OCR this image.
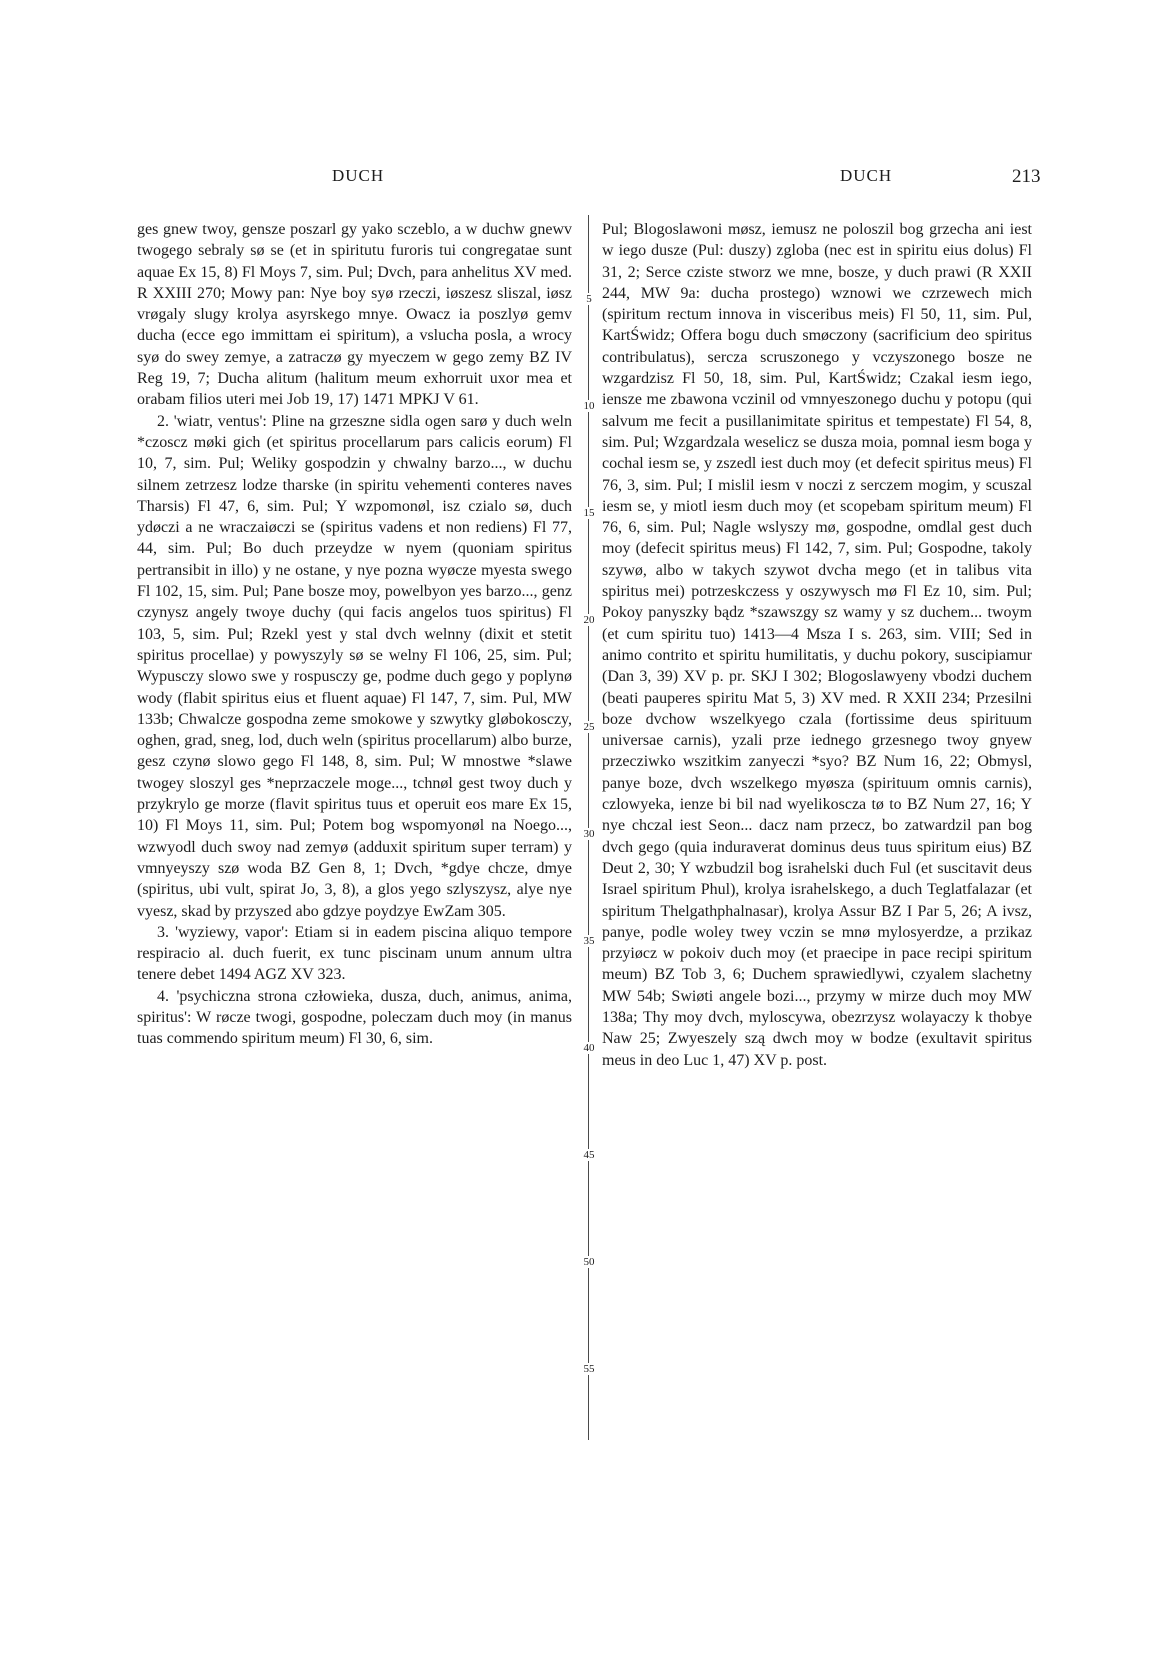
DUCH	DUCH	213

ges gnew twoy, gensze poszarl gy yako sczeblo, a w duchw gnewv twogego sebraly sø se (et in spiritutu furoris tui congregatae sunt aquae Ex 15, 8) Fl Moys 7, sim. Pul; Dvch, para anhelitus XV med. R XXIII 270; Mowy pan: Nye boy syø rzeczi, iøszesz sliszal, iøsz vrøgaly slugy krolya asyrskego mnye. Owacz ia poszlyø gemv ducha (ecce ego immittam ei spiritum), a vslucha posla, a wrocy syø do swey zemye, a zatraczø gy myeczem w gego zemy BZ IV Reg 19, 7; Ducha alitum (halitum meum exhorruit uxor mea et orabam filios uteri mei Job 19, 17) 1471 MPKJ V 61.

2. 'wiatr, ventus': Pline na grzeszne sidla ogen sarø y duch weln *czoscz møki gich (et spiritus procellarum pars calicis eorum) Fl 10, 7, sim. Pul; Weliky gospodzin y chwalny barzo..., w duchu silnem zetrzesz lodze tharske (in spiritu vehementi conteres naves Tharsis) Fl 47, 6, sim. Pul; Y wzpomonøl, isz czialo sø, duch ydøczi a ne wraczaiøczi se (spiritus vadens et non rediens) Fl 77, 44, sim. Pul; Bo duch przeydze w nyem (quoniam spiritus pertransibit in illo) y ne ostane, y nye pozna wyøcze myesta swego Fl 102, 15, sim. Pul; Pane bosze moy, powelbyon yes barzo..., genz czynysz angely twoye duchy (qui facis angelos tuos spiritus) Fl 103, 5, sim. Pul; Rzekl yest y stal dvch welnny (dixit et stetit spiritus procellae) y powyszyly sø se welny Fl 106, 25, sim. Pul; Wypusczy slowo swe y rospusczy ge, podme duch gego y poplynø wody (flabit spiritus eius et fluent aquae) Fl 147, 7, sim. Pul, MW 133b; Chwalcze gospodna zeme smokowe y szwytky gløbokosczy, oghen, grad, sneg, lod, duch weln (spiritus procellarum) albo burze, gesz czynø slowo gego Fl 148, 8, sim. Pul; W mnostwe *slawe twogey sloszyl ges *neprzaczele moge..., tchnøl gest twoy duch y przykrylo ge morze (flavit spiritus tuus et operuit eos mare Ex 15, 10) Fl Moys 11, sim. Pul; Potem bog wspomyonøl na Noego..., wzwyodl duch swoy nad zemyø (adduxit spiritum super terram) y vmnyeyszy szø woda BZ Gen 8, 1; Dvch, *gdye chcze, dmye (spiritus, ubi vult, spirat Jo, 3, 8), a glos yego szlyszysz, alye nye vyesz, skad by przyszed abo gdzye poydzye EwZam 305.

3. 'wyziewy, vapor': Etiam si in eadem piscina aliquo tempore respiracio al. duch fuerit, ex tunc piscinam unum annum ultra tenere debet 1494 AGZ XV 323.

4. 'psychiczna strona człowieka, dusza, duch, animus, anima, spiritus': W røcze twogi, gospodne, poleczam duch moy (in manus tuas commendo spiritum meum) Fl 30, 6, sim.

5
10
15
20
25
30
35
40
45
50
55

Pul; Blogoslawoni møsz, iemusz ne poloszil bog grzecha ani iest w iego dusze (Pul: duszy) zgloba (nec est in spiritu eius dolus) Fl 31, 2; Serce cziste stworz we mne, bosze, y duch prawi (R XXII 244, MW 9a: ducha prostego) wznowi we czrzewech mich (spiritum rectum innova in visceribus meis) Fl 50, 11, sim. Pul, KartŚwidz; Offera bogu duch smøczony (sacrificium deo spiritus contribulatus), sercza scruszonego y vczyszonego bosze ne wzgardzisz Fl 50, 18, sim. Pul, KartŚwidz; Czakal iesm iego, iensze me zbawona vczinil od vmnyeszonego duchu y potopu (qui salvum me fecit a pusillanimitate spiritus et tempestate) Fl 54, 8, sim. Pul; Wzgardzala weselicz se dusza moia, pomnal iesm boga y cochal iesm se, y zszedl iest duch moy (et defecit spiritus meus) Fl 76, 3, sim. Pul; I mislil iesm v noczi z serczem mogim, y scuszal iesm se, y miotl iesm duch moy (et scopebam spiritum meum) Fl 76, 6, sim. Pul; Nagle wslyszy mø, gospodne, omdlal gest duch moy (defecit spiritus meus) Fl 142, 7, sim. Pul; Gospodne, takoly szywø, albo w takych szywot dvcha mego (et in talibus vita spiritus mei) potrzeskczess y oszywysch mø Fl Ez 10, sim. Pul; Pokoy panyszky bądz *szawszgy sz wamy y sz duchem... twoym (et cum spiritu tuo) 1413—4 Msza I s. 263, sim. VIII; Sed in animo contrito et spiritu humilitatis, y duchu pokory, suscipiamur (Dan 3, 39) XV p. pr. SKJ I 302; Blogoslawyeny vbodzi duchem (beati pauperes spiritu Mat 5, 3) XV med. R XXII 234; Przesilni boze dvchow wszelkyego czala (fortissime deus spirituum universae carnis), yzali prze iednego grzesnego twoy gnyew przecziwko wszitkim zanyeczi *syo? BZ Num 16, 22; Obmysl, panye boze, dvch wszelkego myøsza (spirituum omnis carnis), czlowyeka, ienze bi bil nad wyelikoscza tø to BZ Num 27, 16; Y nye chczal iest Seon... dacz nam przecz, bo zatwardzil pan bog dvch gego (quia induraverat dominus deus tuus spiritum eius) BZ Deut 2, 30; Y wzbudzil bog israhelski duch Ful (et suscitavit deus Israel spiritum Phul), krolya israhelskego, a duch Teglatfalazar (et spiritum Thelgathphalnasar), krolya Assur BZ I Par 5, 26; A ivsz, panye, podle woley twey vczin se mnø mylosyerdze, a przikaz przyiøcz w pokoiv duch moy (et praecipe in pace recipi spiritum meum) BZ Tob 3, 6; Duchem sprawiedlywi, czyalem slachetny MW 54b; Swiøti angele bozi..., przymy w mirze duch moy MW 138a; Thy moy dvch, myloscywa, obezrzysz wolayaczy k thobye Naw 25; Zwyeszely szą dwch moy w bodze (exultavit spiritus meus in deo Luc 1, 47) XV p. post.
